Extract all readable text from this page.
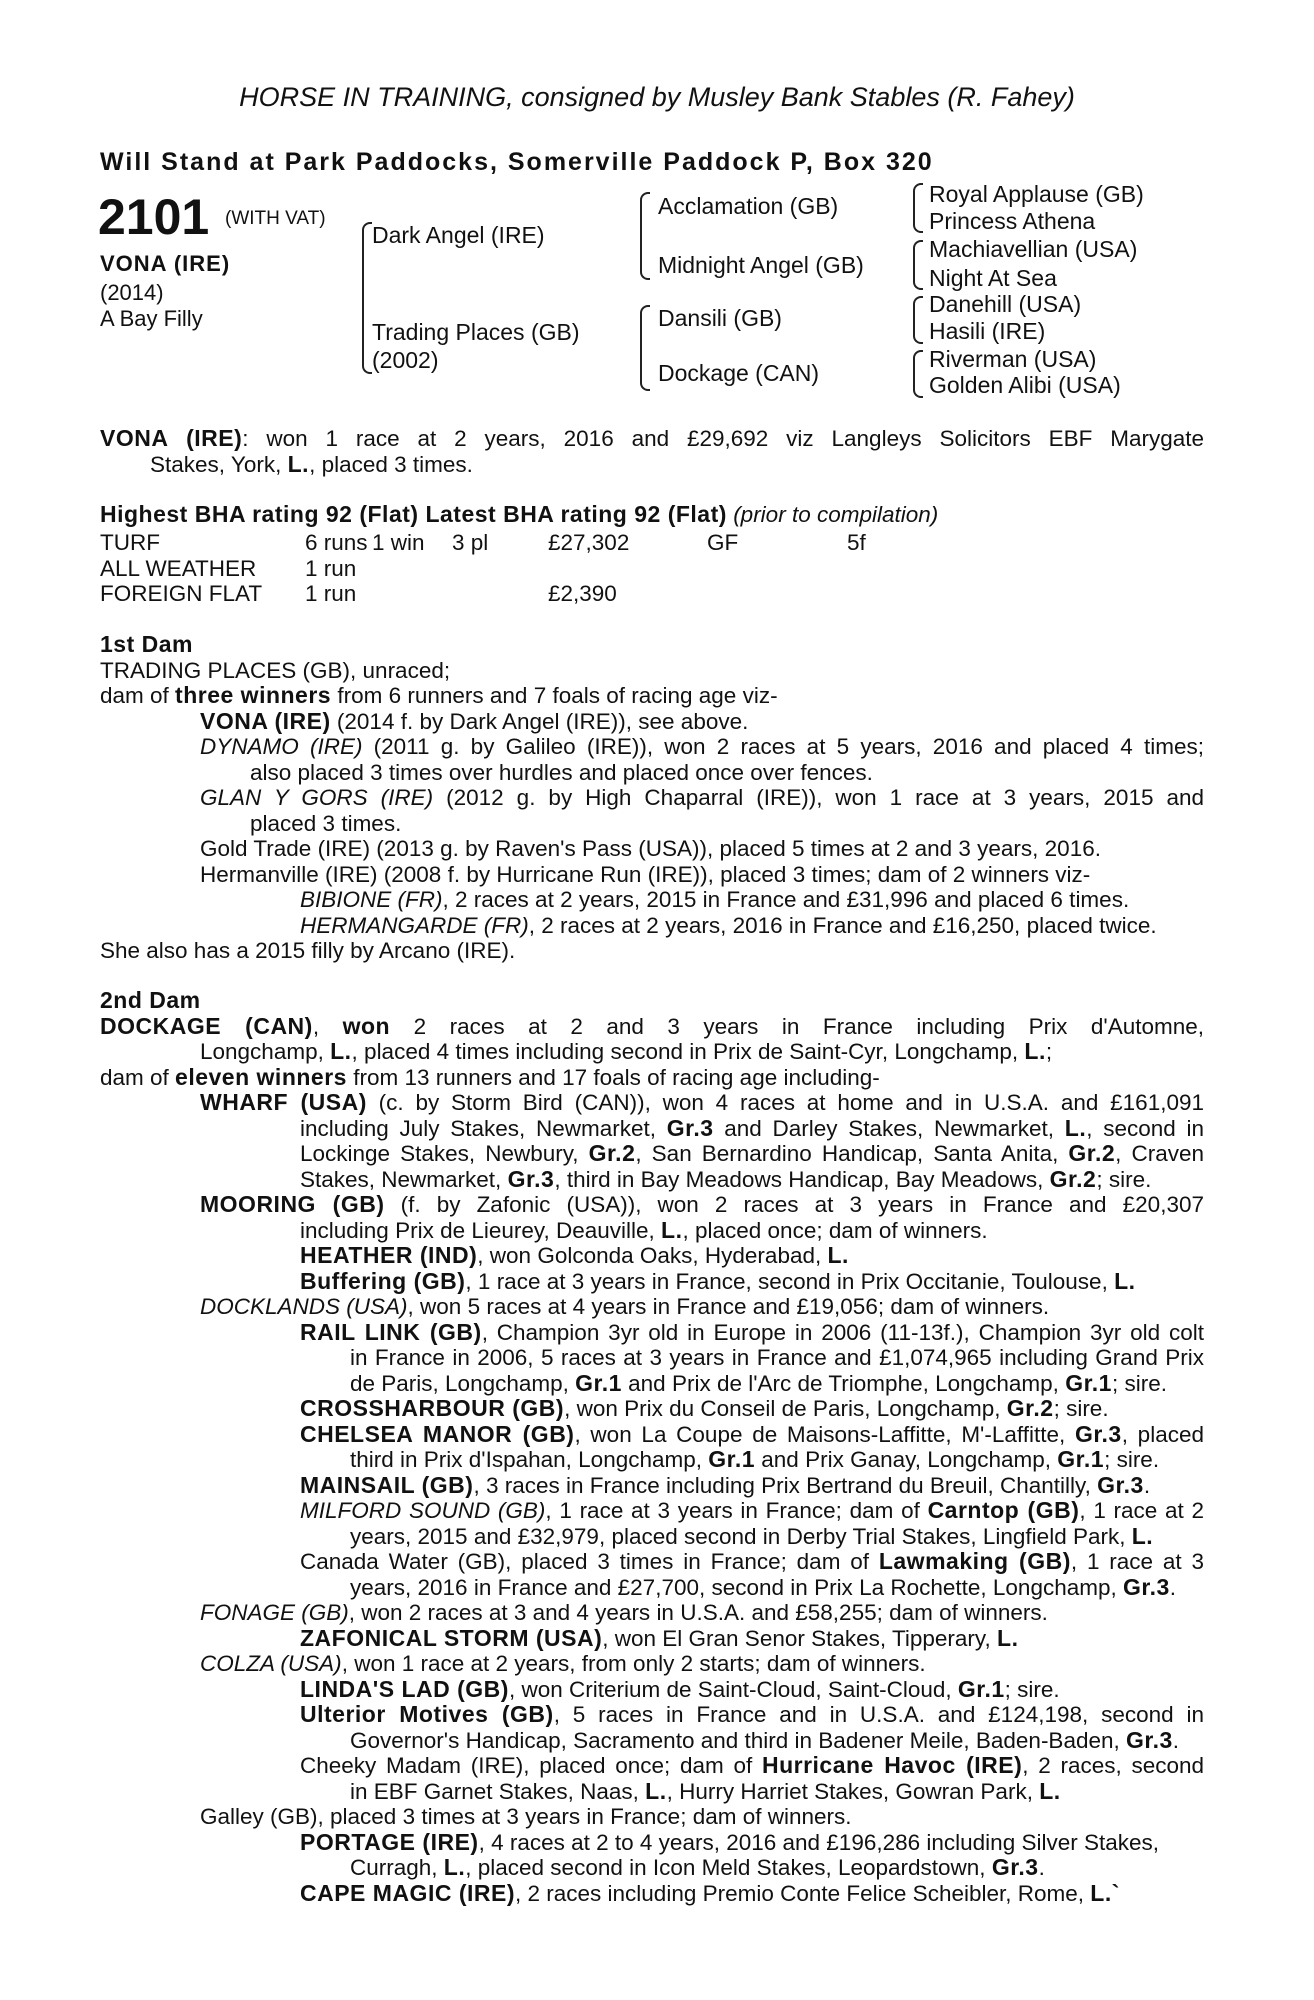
HORSE IN TRAINING, consigned by Musley Bank Stables (R. Fahey)
Will Stand at Park Paddocks, Somerville Paddock P, Box 320
2101 (WITH VAT)
VONA (IRE)
(2014)
A Bay Filly
Dark Angel (IRE)
Trading Places (GB)
(2002)
Acclamation (GB)
Midnight Angel (GB)
Dansili (GB)
Dockage (CAN)
Royal Applause (GB)
Princess Athena
Machiavellian (USA)
Night At Sea
Danehill (USA)
Hasili (IRE)
Riverman (USA)
Golden Alibi (USA)
VONA (IRE): won 1 race at 2 years, 2016 and £29,692 viz Langleys Solicitors EBF Marygate
Stakes, York, L., placed 3 times.
Highest BHA rating 92 (Flat) Latest BHA rating 92 (Flat) (prior to compilation)
TURF	6 runs 1 win 3 pl	£27,302	GF	5f
ALL WEATHER 1 run
FOREIGN FLAT 1 run	£2,390
1st Dam
TRADING PLACES (GB), unraced;
dam of three winners from 6 runners and 7 foals of racing age viz-
VONA (IRE) (2014 f. by Dark Angel (IRE)), see above.
DYNAMO (IRE) (2011 g. by Galileo (IRE)), won 2 races at 5 years, 2016 and placed 4 times;
also placed 3 times over hurdles and placed once over fences.
GLAN Y GORS (IRE) (2012 g. by High Chaparral (IRE)), won 1 race at 3 years, 2015 and
placed 3 times.
Gold Trade (IRE) (2013 g. by Raven's Pass (USA)), placed 5 times at 2 and 3 years, 2016.
Hermanville (IRE) (2008 f. by Hurricane Run (IRE)), placed 3 times; dam of 2 winners viz-
BIBIONE (FR), 2 races at 2 years, 2015 in France and £31,996 and placed 6 times.
HERMANGARDE (FR), 2 races at 2 years, 2016 in France and £16,250, placed twice.
She also has a 2015 filly by Arcano (IRE).
2nd Dam
DOCKAGE (CAN), won 2 races at 2 and 3 years in France including Prix d'Automne,
Longchamp, L., placed 4 times including second in Prix de Saint-Cyr, Longchamp, L.;
dam of eleven winners from 13 runners and 17 foals of racing age including-
WHARF (USA) (c. by Storm Bird (CAN)), won 4 races at home and in U.S.A. and £161,091
including July Stakes, Newmarket, Gr.3 and Darley Stakes, Newmarket, L., second in
Lockinge Stakes, Newbury, Gr.2, San Bernardino Handicap, Santa Anita, Gr.2, Craven
Stakes, Newmarket, Gr.3, third in Bay Meadows Handicap, Bay Meadows, Gr.2; sire.
MOORING (GB) (f. by Zafonic (USA)), won 2 races at 3 years in France and £20,307
including Prix de Lieurey, Deauville, L., placed once; dam of winners.
HEATHER (IND), won Golconda Oaks, Hyderabad, L.
Buffering (GB), 1 race at 3 years in France, second in Prix Occitanie, Toulouse, L.
DOCKLANDS (USA), won 5 races at 4 years in France and £19,056; dam of winners.
RAIL LINK (GB), Champion 3yr old in Europe in 2006 (11-13f.), Champion 3yr old colt
in France in 2006, 5 races at 3 years in France and £1,074,965 including Grand Prix
de Paris, Longchamp, Gr.1 and Prix de l'Arc de Triomphe, Longchamp, Gr.1; sire.
CROSSHARBOUR (GB), won Prix du Conseil de Paris, Longchamp, Gr.2; sire.
CHELSEA MANOR (GB), won La Coupe de Maisons-Laffitte, M'-Laffitte, Gr.3, placed
third in Prix d'Ispahan, Longchamp, Gr.1 and Prix Ganay, Longchamp, Gr.1; sire.
MAINSAIL (GB), 3 races in France including Prix Bertrand du Breuil, Chantilly, Gr.3.
MILFORD SOUND (GB), 1 race at 3 years in France; dam of Carntop (GB), 1 race at 2
years, 2015 and £32,979, placed second in Derby Trial Stakes, Lingfield Park, L.
Canada Water (GB), placed 3 times in France; dam of Lawmaking (GB), 1 race at 3
years, 2016 in France and £27,700, second in Prix La Rochette, Longchamp, Gr.3.
FONAGE (GB), won 2 races at 3 and 4 years in U.S.A. and £58,255; dam of winners.
ZAFONICAL STORM (USA), won El Gran Senor Stakes, Tipperary, L.
COLZA (USA), won 1 race at 2 years, from only 2 starts; dam of winners.
LINDA'S LAD (GB), won Criterium de Saint-Cloud, Saint-Cloud, Gr.1; sire.
Ulterior Motives (GB), 5 races in France and in U.S.A. and £124,198, second in
Governor's Handicap, Sacramento and third in Badener Meile, Baden-Baden, Gr.3.
Cheeky Madam (IRE), placed once; dam of Hurricane Havoc (IRE), 2 races, second
in EBF Garnet Stakes, Naas, L., Hurry Harriet Stakes, Gowran Park, L.
Galley (GB), placed 3 times at 3 years in France; dam of winners.
PORTAGE (IRE), 4 races at 2 to 4 years, 2016 and £196,286 including Silver Stakes,
Curragh, L., placed second in Icon Meld Stakes, Leopardstown, Gr.3.
CAPE MAGIC (IRE), 2 races including Premio Conte Felice Scheibler, Rome, L.`
